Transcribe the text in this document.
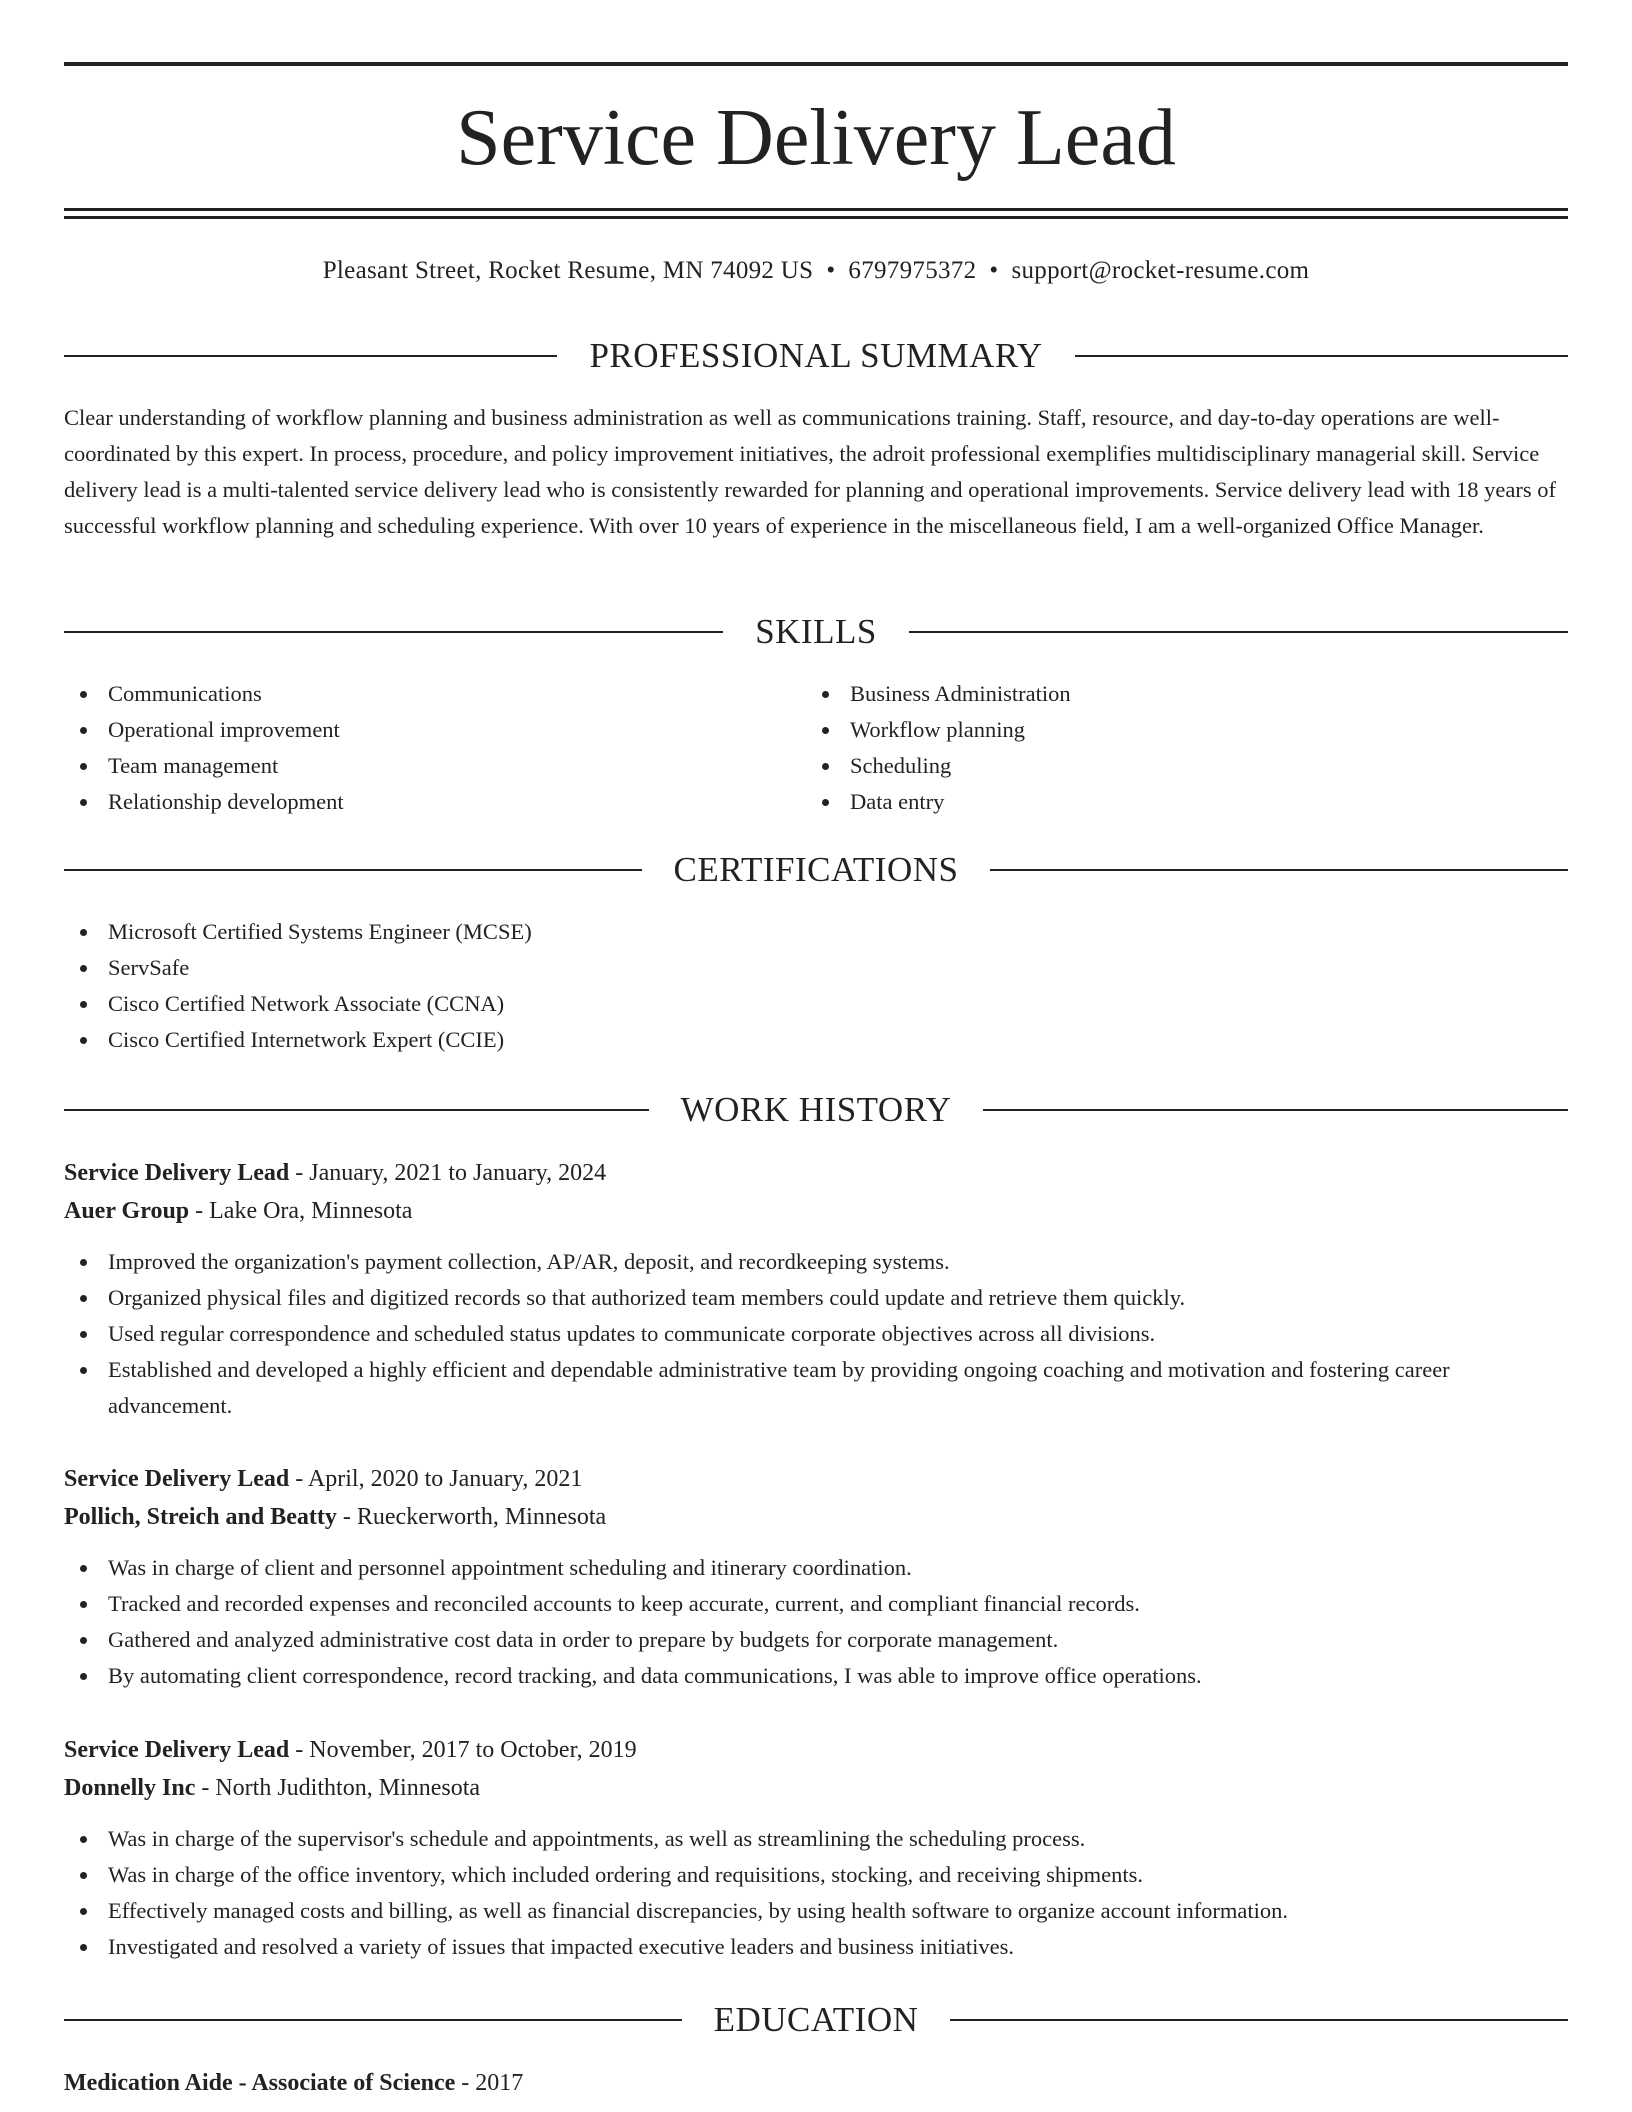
Service Delivery Lead
Pleasant Street, Rocket Resume, MN 74092 US • 6797975372 • support@rocket-resume.com
PROFESSIONAL SUMMARY

Clear understanding of workflow planning and business administration as well as communications training. Staff, resource, and day-to-day operations are well-coordinated by this expert. In process, procedure, and policy improvement initiatives, the adroit professional exemplifies multidisciplinary managerial skill. Service delivery lead is a multi-talented service delivery lead who is consistently rewarded for planning and operational improvements. Service delivery lead with 18 years of successful workflow planning and scheduling experience. With over 10 years of experience in the miscellaneous field, I am a well-organized Office Manager.

SKILLS
Communications
Operational improvement
Team management
Relationship development
Business Administration
Workflow planning
Scheduling
Data entry
CERTIFICATIONS
Microsoft Certified Systems Engineer (MCSE)
ServSafe
Cisco Certified Network Associate (CCNA)
Cisco Certified Internetwork Expert (CCIE)
WORK HISTORY
Service Delivery Lead - January, 2021 to January, 2024
Auer Group - Lake Ora, Minnesota
Improved the organization's payment collection, AP/AR, deposit, and recordkeeping systems.
Organized physical files and digitized records so that authorized team members could update and retrieve them quickly.
Used regular correspondence and scheduled status updates to communicate corporate objectives across all divisions.
Established and developed a highly efficient and dependable administrative team by providing ongoing coaching and motivation and fostering career advancement.
Service Delivery Lead - April, 2020 to January, 2021
Pollich, Streich and Beatty - Rueckerworth, Minnesota
Was in charge of client and personnel appointment scheduling and itinerary coordination.
Tracked and recorded expenses and reconciled accounts to keep accurate, current, and compliant financial records.
Gathered and analyzed administrative cost data in order to prepare by budgets for corporate management.
By automating client correspondence, record tracking, and data communications, I was able to improve office operations.
Service Delivery Lead - November, 2017 to October, 2019
Donnelly Inc - North Judithton, Minnesota
Was in charge of the supervisor's schedule and appointments, as well as streamlining the scheduling process.
Was in charge of the office inventory, which included ordering and requisitions, stocking, and receiving shipments.
Effectively managed costs and billing, as well as financial discrepancies, by using health software to organize account information.
Investigated and resolved a variety of issues that impacted executive leaders and business initiatives.
EDUCATION
Medication Aide - Associate of Science - 2017
